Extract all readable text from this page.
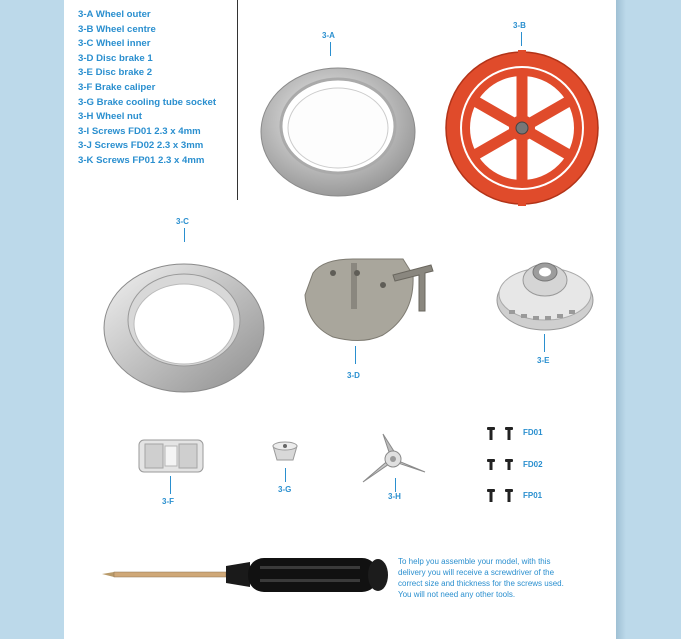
3-A Wheel outer
3-B Wheel centre
3-C Wheel inner
3-D Disc brake 1
3-E Disc brake 2
3-F Brake caliper
3-G Brake cooling tube socket
3-H Wheel nut
3-I Screws FD01 2.3 x 4mm
3-J Screws FD02 2.3 x 3mm
3-K Screws FP01 2.3 x 4mm
3-A
3-B
3-C
3-D
3-E
3-F
3-G
3-H
FD01
FD02
FP01
To help you assemble your model, with this delivery you will receive a screwdriver of the correct size and thickness for the screws used. You will not need any other tools.
